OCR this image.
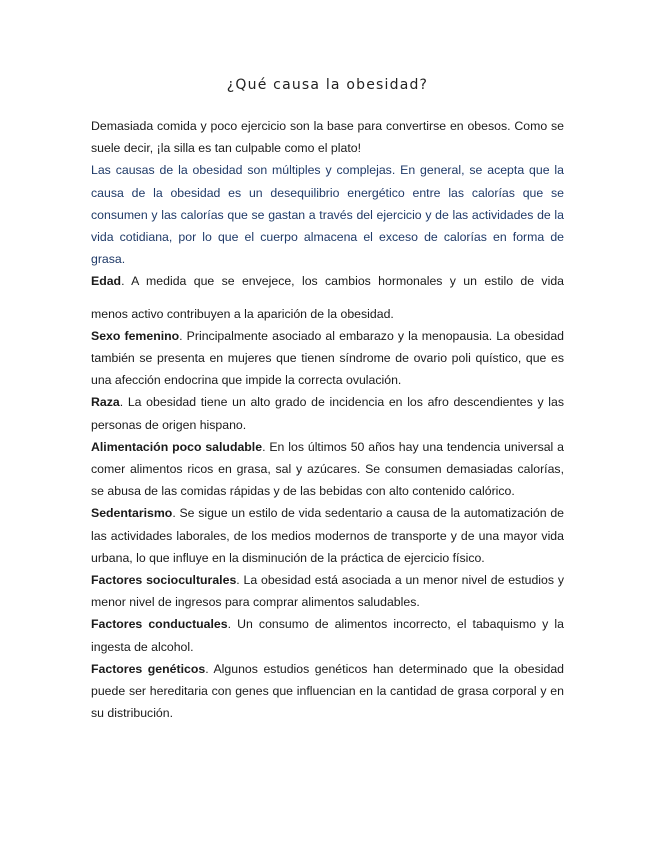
¿Qué causa la obesidad?

Demasiada comida y poco ejercicio son la base para convertirse en obesos. Como se suele decir, ¡la silla es tan culpable como el plato!

Las causas de la obesidad son múltiples y complejas. En general, se acepta que la causa de la obesidad es un desequilibrio energético entre las calorías que se consumen y las calorías que se gastan a través del ejercicio y de las actividades de la vida cotidiana, por lo que el cuerpo almacena el exceso de calorías en forma de grasa.

Edad. A medida que se envejece, los cambios hormonales y un estilo de vida

menos activo contribuyen a la aparición de la obesidad.

Sexo femenino. Principalmente asociado al embarazo y la menopausia. La obesidad también se presenta en mujeres que tienen síndrome de ovario poli quístico, que es una afección endocrina que impide la correcta ovulación.

Raza. La obesidad tiene un alto grado de incidencia en los afro descendientes y las personas de origen hispano.

Alimentación poco saludable. En los últimos 50 años hay una tendencia universal a comer alimentos ricos en grasa, sal y azúcares. Se consumen demasiadas calorías, se abusa de las comidas rápidas y de las bebidas con alto contenido calórico.

Sedentarismo. Se sigue un estilo de vida sedentario a causa de la automatización de las actividades laborales, de los medios modernos de transporte y de una mayor vida urbana, lo que influye en la disminución de la práctica de ejercicio físico.

Factores socioculturales. La obesidad está asociada a un menor nivel de estudios y menor nivel de ingresos para comprar alimentos saludables.

Factores conductuales. Un consumo de alimentos incorrecto, el tabaquismo y la ingesta de alcohol.

Factores genéticos. Algunos estudios genéticos han determinado que la obesidad puede ser hereditaria con genes que influencian en la cantidad de grasa corporal y en su distribución.
